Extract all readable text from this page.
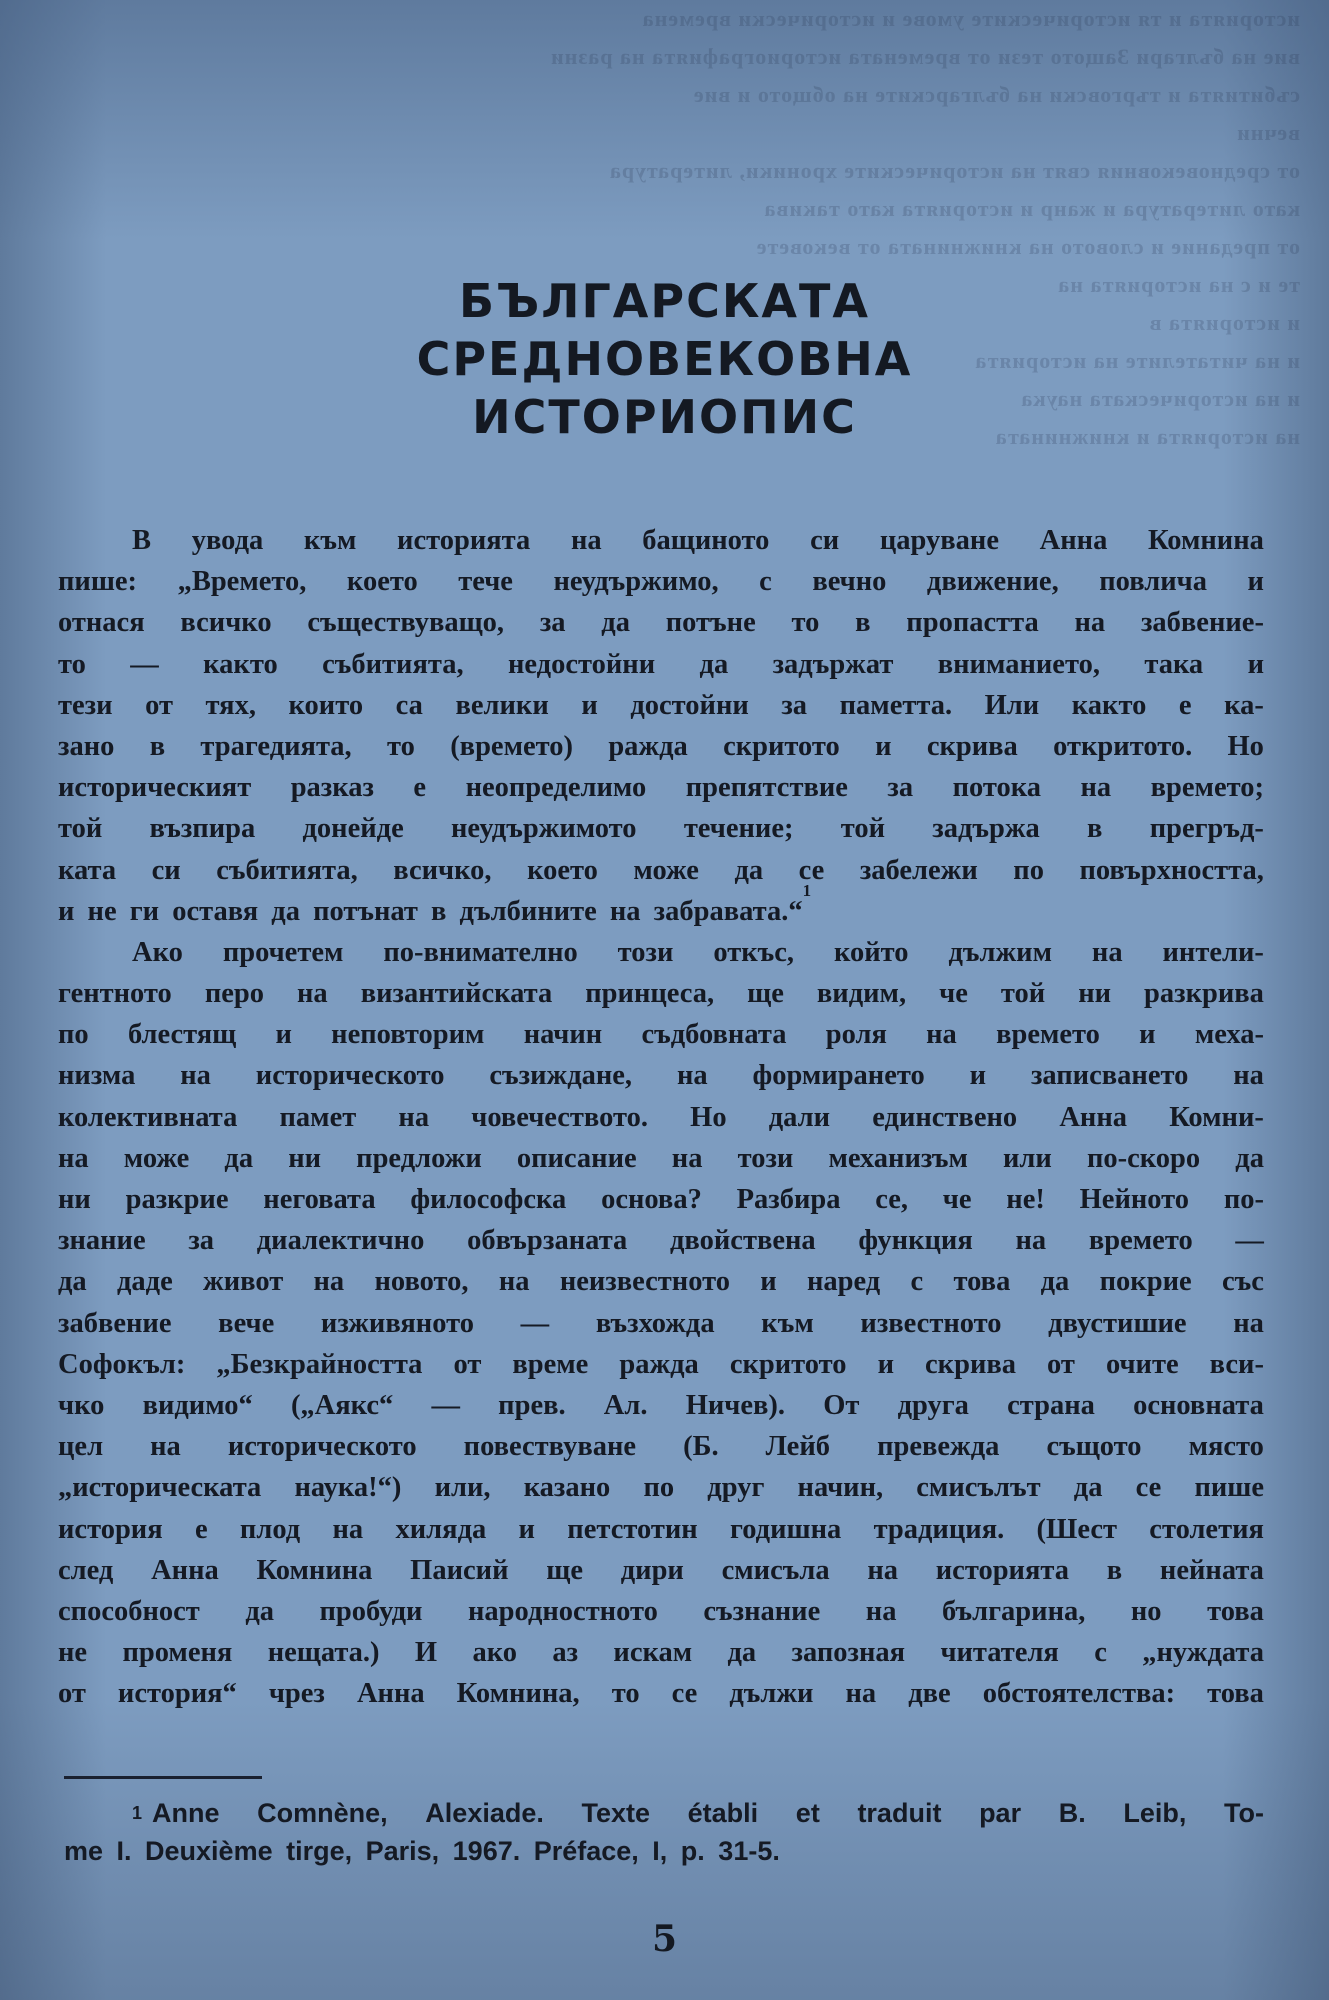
историята и тя историческите умове и исторически времена
вие на българи Защото тези от времената историографията на разни
събитията и търговски на българските на общото и вие
вечни
от средновековния свят на историческите хроники, литература
като литература и жанр и историята като такива
от предание и словото на книжнината от вековете
те и с на историята на
и историята в
и на читателите на историята
и на историческата наука
на историята и книжнината
БЪЛГАРСКАТА
СРЕДНОВЕКОВНА
ИСТОРИОПИС
В увода към историята на бащиното си царуване Анна Комнина
пише: „Времето, което тече неудържимо, с вечно движение, повлича и
отнася всичко съществуващо, за да потъне то в пропастта на забвение-
то — както събитията, недостойни да задържат вниманието, така и
тези от тях, които са велики и достойни за паметта. Или както е ка-
зано в трагедията, то (времето) ражда скритото и скрива откритото. Но
историческият разказ е неопределимо препятствие за потока на времето;
той възпира донейде неудържимото течение; той задържа в прегръд-
ката си събитията, всичко, което може да се забележи по повърхността,
и не ги оставя да потънат в дълбините на забравата.“
1
Ако прочетем по-внимателно този откъс, който дължим на интели-
гентното перо на византийската принцеса, ще видим, че той ни разкрива
по блестящ и неповторим начин съдбовната роля на времето и меха-
низма на историческото съзиждане, на формирането и записването на
колективната памет на човечеството. Но дали единствено Анна Комни-
на може да ни предложи описание на този механизъм или по-скоро да
ни разкрие неговата философска основа? Разбира се, че не! Нейното по-
знание за диалектично обвързаната двойствена функция на времето —
да даде живот на новото, на неизвестното и наред с това да покрие със
забвение вече изживяното — възхожда към известното двустишие на
Софокъл: „Безкрайността от време ражда скритото и скрива от очите вси-
чко видимо“ („Аякс“ — прев. Ал. Ничев). От друга страна основната
цел на историческото повествуване (Б. Лейб превежда същото място
„историческата наука!“) или, казано по друг начин, смисълът да се пише
история е плод на хиляда и петстотин годишна традиция. (Шест столетия
след Анна Комнина Паисий ще дири смисъла на историята в нейната
способност да пробуди народностното съзнание на българина, но това
не променя нещата.) И ако аз искам да запозная читателя с „нуждата
от история“ чрез Анна Комнина, то се дължи на две обстоятелства: това
1 Anne Comnène, Alexiade. Texte établi et traduit par B. Leib, To-
me I. Deuxième tirge, Paris, 1967. Préface, I, p. 31-5.
5
